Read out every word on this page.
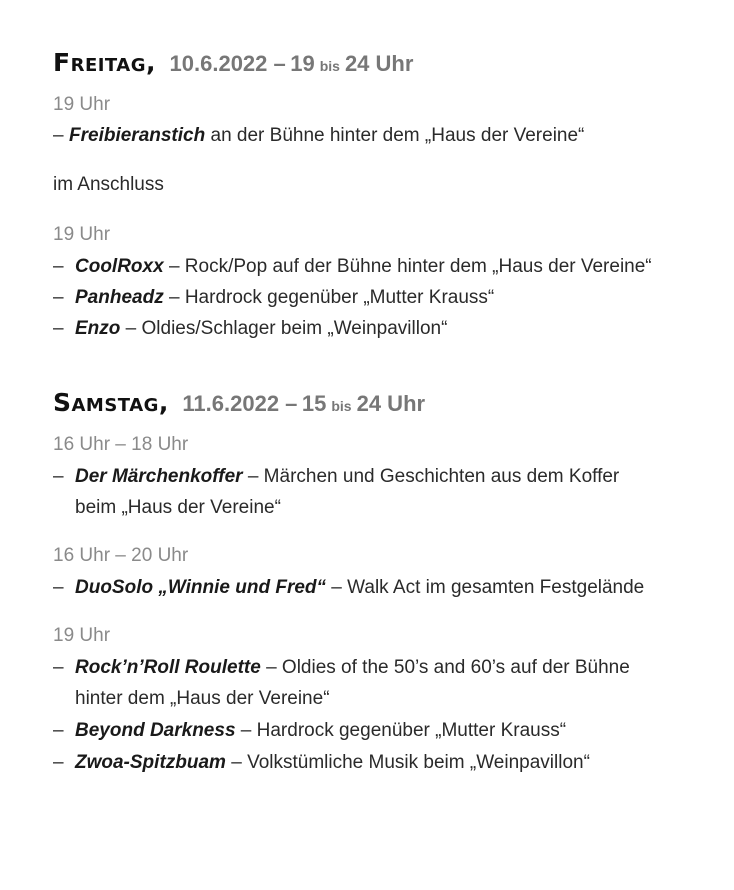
Freitag , 10.6.2022 –
19 bis 24 Uhr
19 Uhr
– Freibieranstich an der Bühne hinter dem „Haus der Vereine“
im Anschluss
19 Uhr
– CoolRoxx – Rock/Pop auf der Bühne hinter dem „Haus der Vereine“
– Panheadz – Hardrock gegenüber „Mutter Krauss“
– Enzo – Oldies/Schlager beim „Weinpavillon“
Samstag , 11.6.2022 –
15 bis 24 Uhr
16 Uhr – 18 Uhr
– Der Märchenkoffer – Märchen und Geschichten aus dem Koffer
beim „Haus der Vereine“
16 Uhr – 20 Uhr
– DuoSolo „Winnie und Fred“ – Walk Act im gesamten Festgelände
19 Uhr
– Rock’n’Roll Roulette – Oldies of the 50’s and 60’s auf der Bühne
hinter dem „Haus der Vereine“
– Beyond Darkness – Hardrock gegenüber „Mutter Krauss“
– Zwoa-Spitzbuam – Volkstümliche Musik beim „Weinpavillon“
